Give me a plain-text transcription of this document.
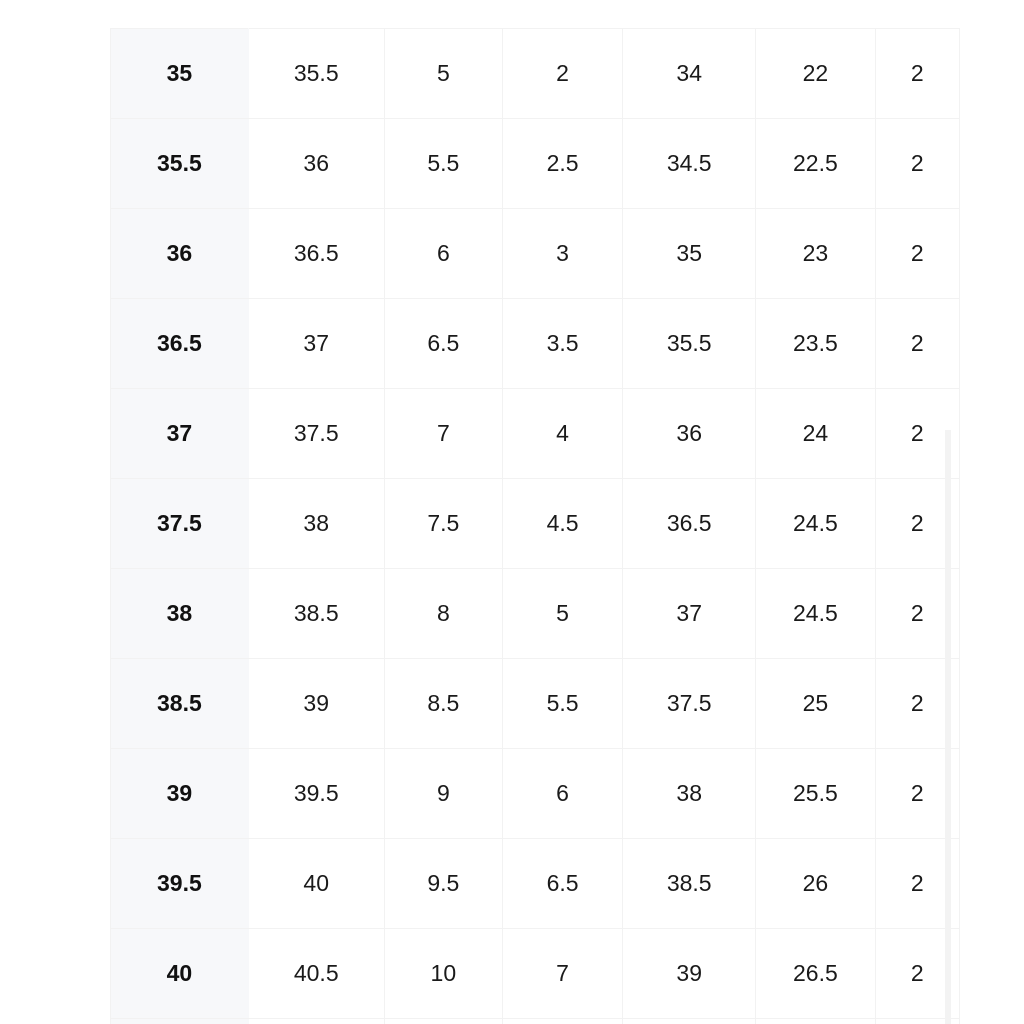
35	35.5	5	2	34	22	2
35.5	36	5.5	2.5	34.5	22.5	2
36	36.5	6	3	35	23	2
36.5	37	6.5	3.5	35.5	23.5	2
37	37.5	7	4	36	24	2
37.5	38	7.5	4.5	36.5	24.5	2
38	38.5	8	5	37	24.5	2
38.5	39	8.5	5.5	37.5	25	2
39	39.5	9	6	38	25.5	2
39.5	40	9.5	6.5	38.5	26	2
40	40.5	10	7	39	26.5	2
